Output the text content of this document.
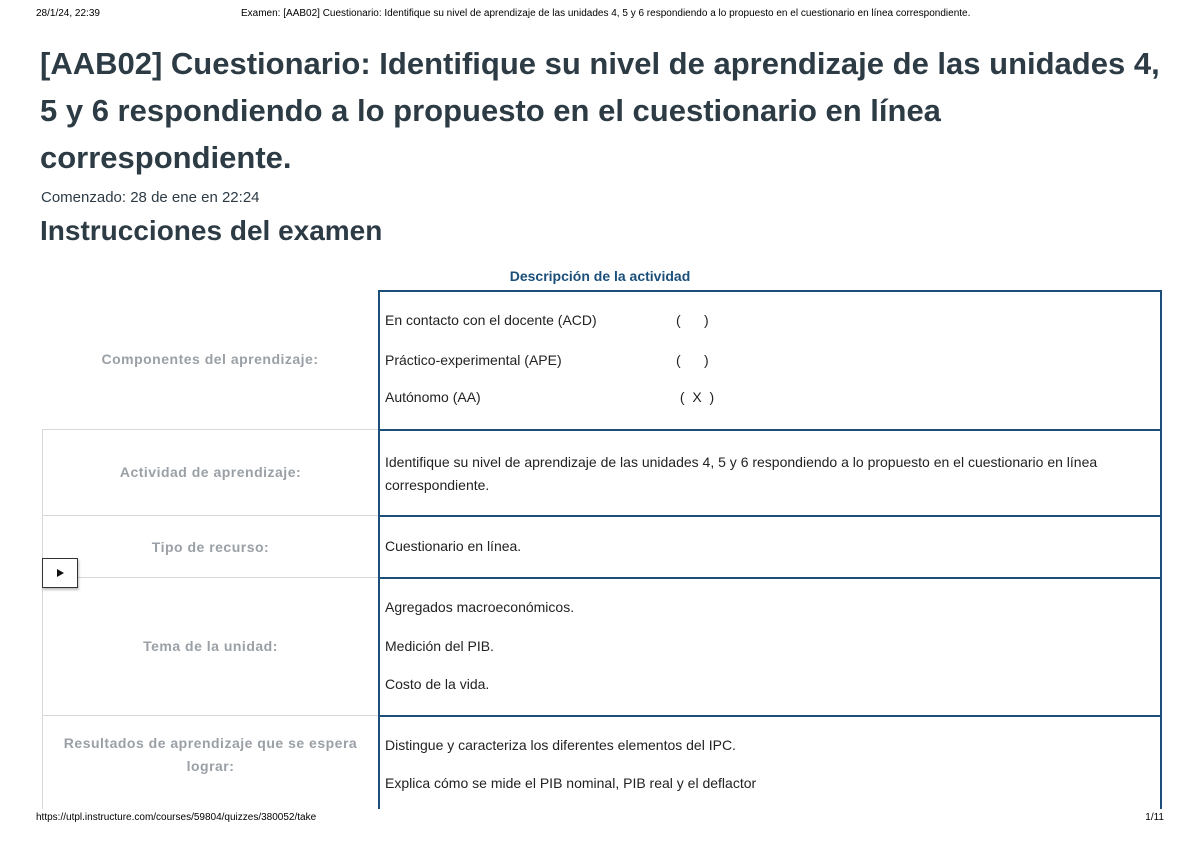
28/1/24, 22:39	Examen: [AAB02] Cuestionario: Identifique su nivel de aprendizaje de las unidades 4, 5 y 6 respondiendo a lo propuesto en el cuestionario en línea correspondiente.
[AAB02] Cuestionario: Identifique su nivel de aprendizaje de las unidades 4, 5 y 6 respondiendo a lo propuesto en el cuestionario en línea correspondiente.
Comenzado: 28 de ene en 22:24
Instrucciones del examen
Descripción de la actividad
Componentes del aprendizaje:
En contacto con el docente (ACD)	(      )
Práctico-experimental (APE)	(      )
Autónomo (AA)	(  X  )
Actividad de aprendizaje:
Identifique su nivel de aprendizaje de las unidades 4, 5 y 6 respondiendo a lo propuesto en el cuestionario en línea correspondiente.
Tipo de recurso:	Cuestionario en línea.
Tema de la unidad:
Agregados macroeconómicos.
Medición del PIB.
Costo de la vida.
Resultados de aprendizaje que se espera lograr:
Distingue y caracteriza los diferentes elementos del IPC.
Explica cómo se mide el PIB nominal, PIB real y el deflactor
https://utpl.instructure.com/courses/59804/quizzes/380052/take	1/11
